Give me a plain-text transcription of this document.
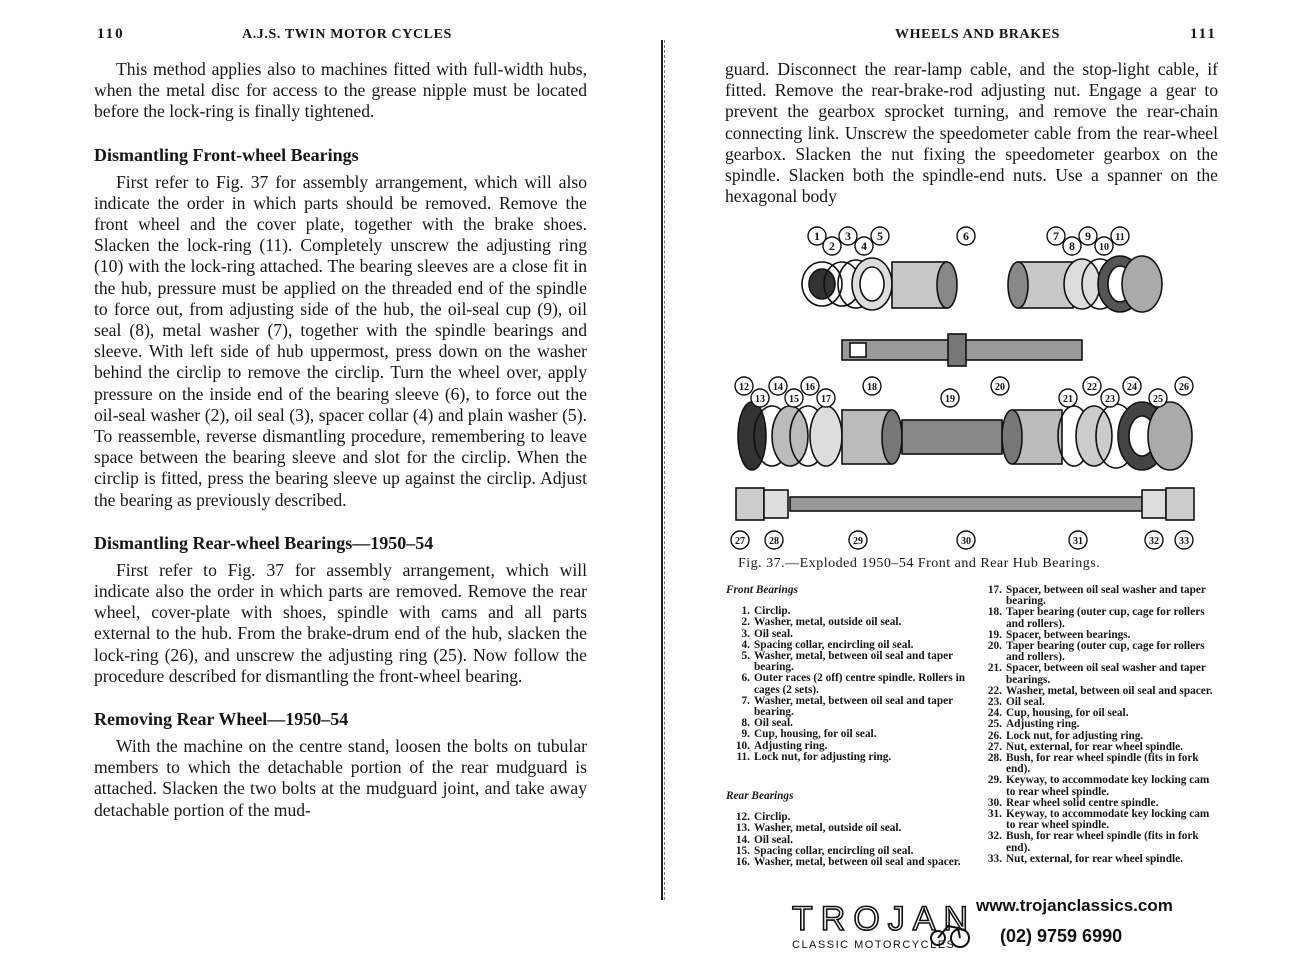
110	A.J.S. TWIN MOTOR CYCLES

This method applies also to machines fitted with full-width hubs, when the metal disc for access to the grease nipple must be located before the lock-ring is finally tightened.

Dismantling Front-wheel Bearings

First refer to Fig. 37 for assembly arrangement, which will also indicate the order in which parts should be removed. Remove the front wheel and the cover plate, together with the brake shoes. Slacken the lock-ring (11). Completely unscrew the adjusting ring (10) with the lock-ring attached. The bearing sleeves are a close fit in the hub, pressure must be applied on the threaded end of the spindle to force out, from adjusting side of the hub, the oil-seal cup (9), oil seal (8), metal washer (7), together with the spindle bearings and sleeve. With left side of hub uppermost, press down on the washer behind the circlip to remove the circlip. Turn the wheel over, apply pressure on the inside end of the bearing sleeve (6), to force out the oil-seal washer (2), oil seal (3), spacer collar (4) and plain washer (5). To reassemble, reverse dismantling procedure, remembering to leave space between the bearing sleeve and slot for the circlip. When the circlip is fitted, press the bearing sleeve up against the circlip. Adjust the bearing as previously described.

Dismantling Rear-wheel Bearings—1950–54

First refer to Fig. 37 for assembly arrangement, which will indicate also the order in which parts are removed. Remove the rear wheel, cover-plate with shoes, spindle with cams and all parts external to the hub. From the brake-drum end of the hub, slacken the lock-ring (26), and unscrew the adjusting ring (25). Now follow the procedure described for dismantling the front-wheel bearing.

Removing Rear Wheel—1950–54

With the machine on the centre stand, loosen the bolts on tubular members to which the detachable portion of the rear mudguard is attached. Slacken the two bolts at the mudguard joint, and take away detachable portion of the mud-

WHEELS AND BRAKES	111

guard. Disconnect the rear-lamp cable, and the stop-light cable, if fitted. Remove the rear-brake-rod adjusting nut. Engage a gear to prevent the gearbox sprocket turning, and remove the rear-chain connecting link. Unscrew the speedometer cable from the rear-wheel gearbox. Slacken the nut fixing the speedometer gearbox on the spindle. Slacken both the spindle-end nuts. Use a spanner on the hexagonal body

1
2
3
4
5	6	7
8
9
10
11
12
13
14
15
16
17
18
19
20
21
22
23
24
25
26
27 28	29	30	31	32 33
Fig. 37.—Exploded 1950–54 Front and Rear Hub Bearings.
Front Bearings
1. Circlip.
2. Washer, metal, outside oil seal.
3. Oil seal.
4. Spacing collar, encircling oil seal.
5. Washer, metal, between oil seal and taper bearing.
6. Outer races (2 off) centre spindle. Rollers in cages (2 sets).
7. Washer, metal, between oil seal and taper bearing.
8. Oil seal.
9. Cup, housing, for oil seal.
10. Adjusting ring.
11. Lock nut, for adjusting ring.
Rear Bearings
12. Circlip.
13. Washer, metal, outside oil seal.
14. Oil seal.
15. Spacing collar, encircling oil seal.
16. Washer, metal, between oil seal and spacer.
17. Spacer, between oil seal washer and taper bearing.
18. Taper bearing (outer cup, cage for rollers and rollers).
19. Spacer, between bearings.
20. Taper bearing (outer cup, cage for rollers and rollers).
21. Spacer, between oil seal washer and taper bearings.
22. Washer, metal, between oil seal and spacer.
23. Oil seal.
24. Cup, housing, for oil seal.
25. Adjusting ring.
26. Lock nut, for adjusting ring.
27. Nut, external, for rear wheel spindle.
28. Bush, for rear wheel spindle (fits in fork end).
29. Keyway, to accommodate key locking cam to rear wheel spindle.
30. Rear wheel solid centre spindle.
31. Keyway, to accommodate key locking cam to rear wheel spindle.
32. Bush, for rear wheel spindle (fits in fork end).
33. Nut, external, for rear wheel spindle.
TROJAN
CLASSIC MOTORCYCLES
www.trojanclassics.com
(02) 9759 6990
